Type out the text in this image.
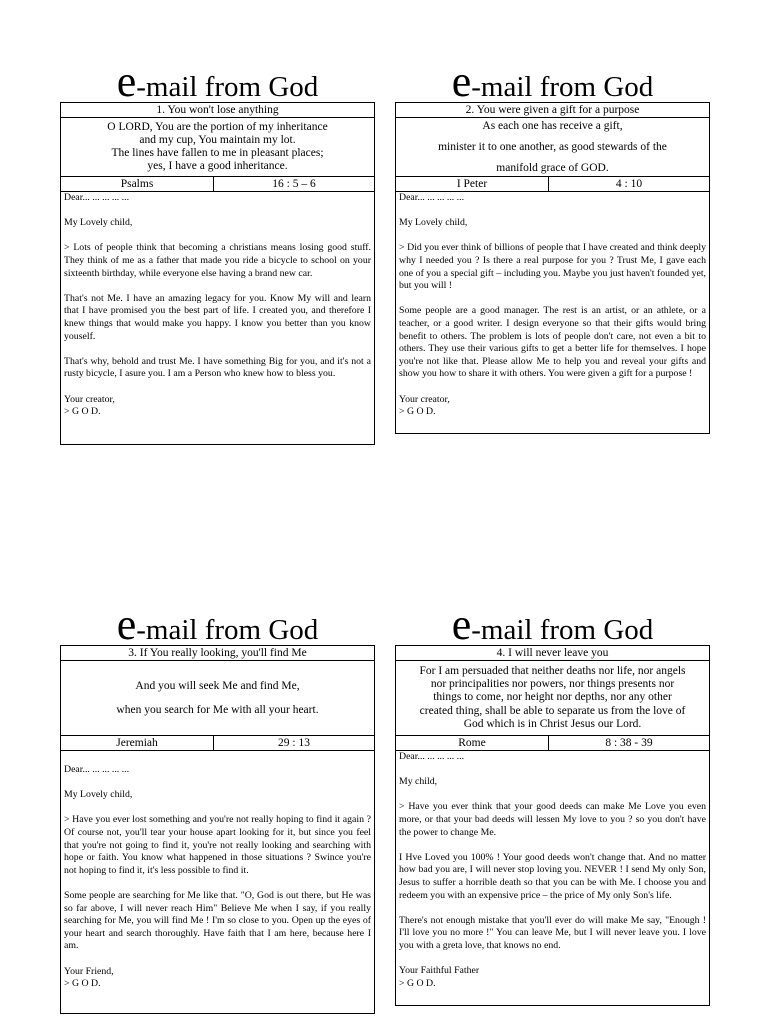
e-mail from God
1. You won't lose anything
O LORD, You are the portion of my inheritance
and my cup, You maintain my lot.
The lines have fallen to me in pleasant places;
yes, I have a good inheritance.
Psalms	16 : 5 – 6

Dear... ... ... ... ...

My Lovely child,

> Lots of people think that becoming a christians means losing good stuff. They think of me as a father that made you ride a bicycle to school on your sixteenth birthday, while everyone else having a brand new car.

That's not Me. I have an amazing legacy for you. Know My will and learn that I have promised you the best part of life. I created you, and therefore I knew things that would make you happy. I know you better than you know youself.

That's why, behold and trust Me. I have something Big for you, and it's not a rusty bicycle, I asure you. I am a Person who knew how to bless you.

Your creator,

> G O D.

e-mail from God
2. You were given a gift for a purpose
As each one has receive a gift,
minister it to one another, as good stewards of the
manifold grace of GOD.
I Peter	4 : 10

Dear... ... ... ... ...

My Lovely child,

> Did you ever think of billions of people that I have created and think deeply why I needed you ? Is there a real purpose for you ? Trust Me, I gave each one of you a special gift – including you. Maybe you just haven't founded yet, but you will !

Some people are a good manager. The rest is an artist, or an athlete, or a teacher, or a good writer. I design everyone so that their gifts would bring benefit to others. The problem is lots of people don't care, not even a bit to others. They use their various gifts to get a better life for themselves. I hope you're not like that. Please allow Me to help you and reveal your gifts and show you how to share it with others. You were given a gift for a purpose !

Your creator,

> G O D.

e-mail from God
3. If You really looking, you'll find Me
And you will seek Me and find Me,
when you search for Me with all your heart.
Jeremiah	29 : 13

Dear... ... ... ... ...

My Lovely child,

> Have you ever lost something and you're not really hoping to find it again ? Of course not, you'll tear your house apart looking for it, but since you feel that you're not going to find it, you're not really looking and searching with hope or faith. You know what happened in those situations ? Swince you're not hoping to find it, it's less possible to find it.

Some people are searching for Me like that. "O, God is out there, but He was so far above, I will never reach Him" Believe Me when I say, if you really searching for Me, you will find Me ! I'm so close to you. Open up the eyes of your heart and search thoroughly. Have faith that I am here, because here I am.

Your Friend,

> G O D.

e-mail from God
4. I will never leave you
For I am persuaded that neither deaths nor life, nor angels
nor principalities nor powers, nor things presents nor
things to come, nor height nor depths, nor any other
created thing, shall be able to separate us from the love of
God which is in Christ Jesus our Lord.
Rome	8 : 38 - 39

Dear... ... ... ... ...

My child,

> Have you ever think that your good deeds can make Me Love you even more, or that your bad deeds will lessen My love to you ? so you don't have the power to change Me.

I Hve Loved you 100% ! Your good deeds won't change that. And no matter how bad you are, I will never stop loving you. NEVER ! I send My only Son, Jesus to suffer a horrible death so that you can be with Me. I choose you and redeem you with an expensive price – the price of My only Son's life.

There's not enough mistake that you'll ever do will make Me say, "Enough ! I'll love you no more !" You can leave Me, but I will never leave you. I love you with a greta love, that knows no end.

Your Faithful Father

> G O D.
